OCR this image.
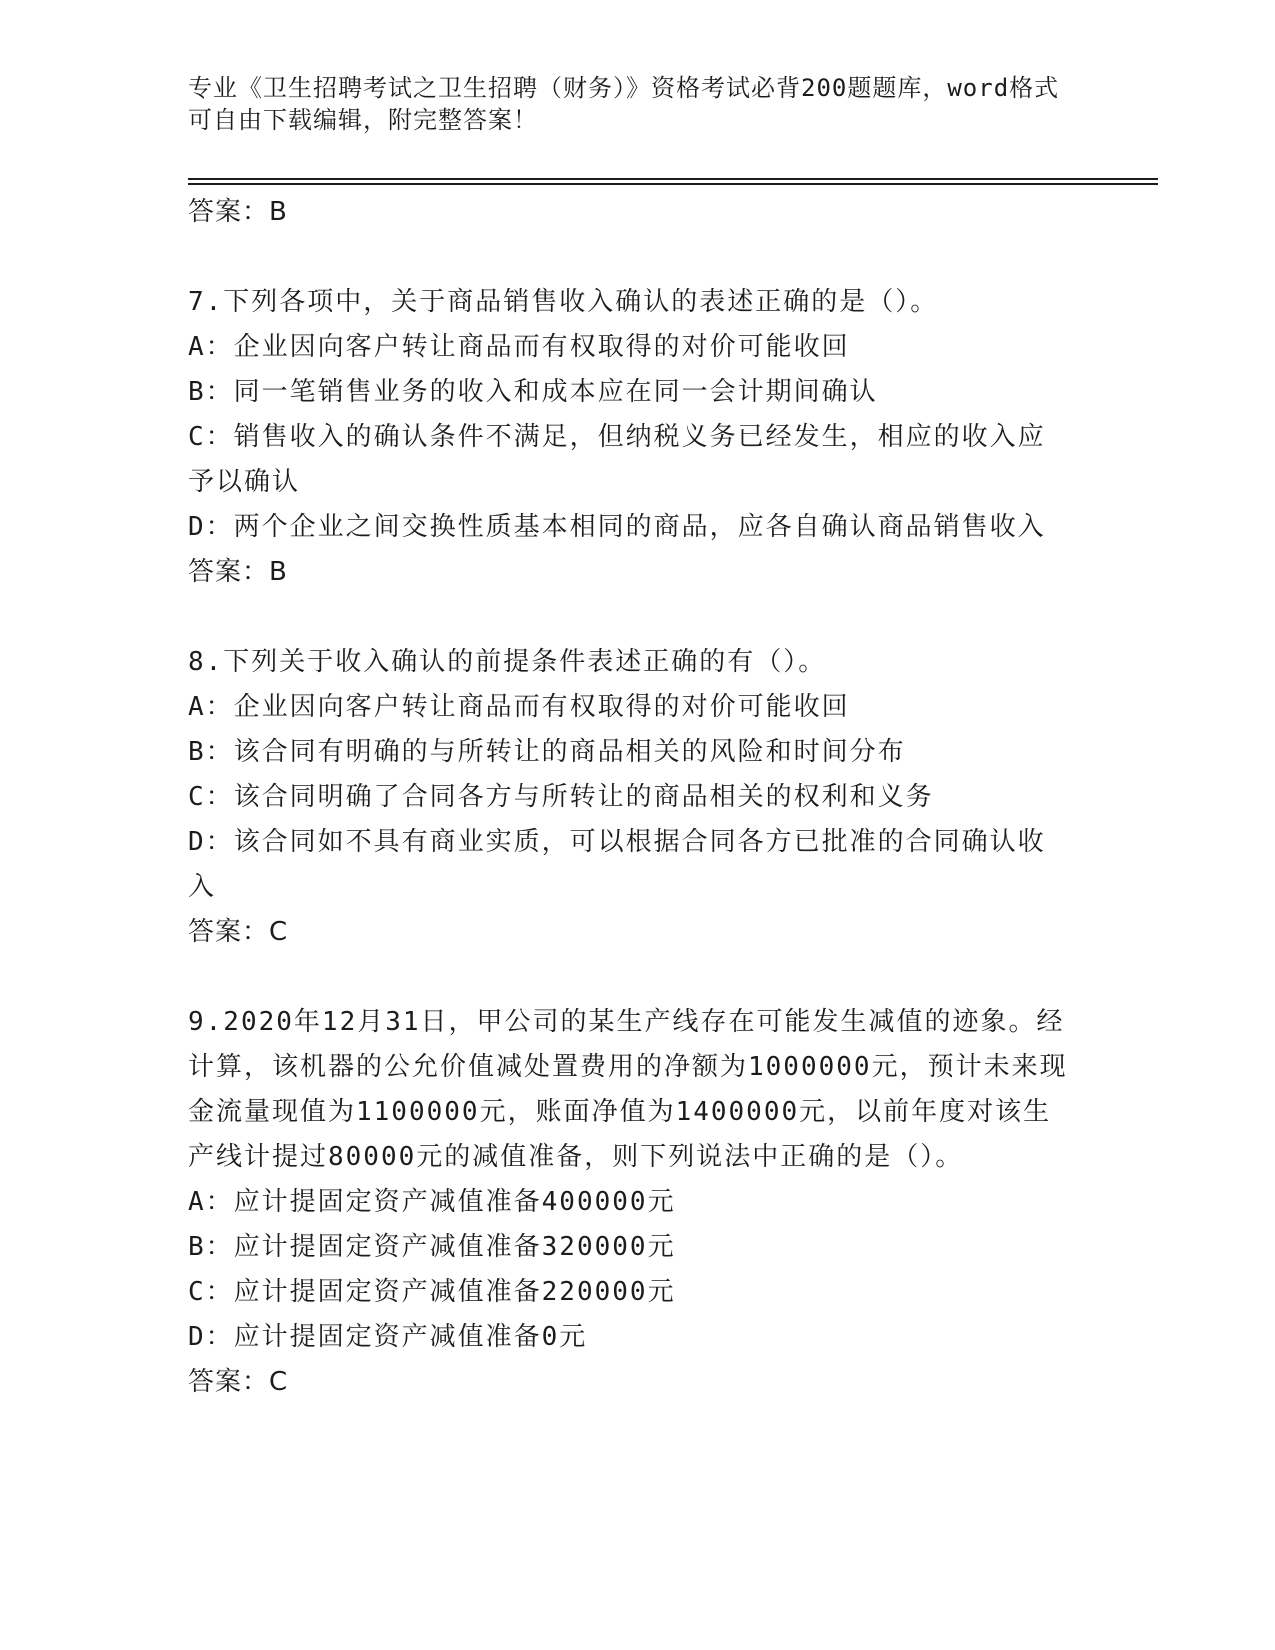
专业《卫生招聘考试之卫生招聘（财务）》资格考试必背200题题库，word格式
可自由下载编辑，附完整答案！

答案：B

7.下列各项中，关于商品销售收入确认的表述正确的是（）。

A：企业因向客户转让商品而有权取得的对价可能收回

B：同一笔销售业务的收入和成本应在同一会计期间确认

C：销售收入的确认条件不满足，但纳税义务已经发生，相应的收入应予以确认

D：两个企业之间交换性质基本相同的商品，应各自确认商品销售收入

答案：B

8.下列关于收入确认的前提条件表述正确的有（）。

A：企业因向客户转让商品而有权取得的对价可能收回

B：该合同有明确的与所转让的商品相关的风险和时间分布

C：该合同明确了合同各方与所转让的商品相关的权利和义务

D：该合同如不具有商业实质，可以根据合同各方已批准的合同确认收入

答案：C

9.2020年12月31日，甲公司的某生产线存在可能发生减值的迹象。经计算，该机器的公允价值减处置费用的净额为1000000元，预计未来现金流量现值为1100000元，账面净值为1400000元，以前年度对该生产线计提过80000元的减值准备，则下列说法中正确的是（）。

A：应计提固定资产减值准备400000元

B：应计提固定资产减值准备320000元

C：应计提固定资产减值准备220000元

D：应计提固定资产减值准备0元

答案：C
